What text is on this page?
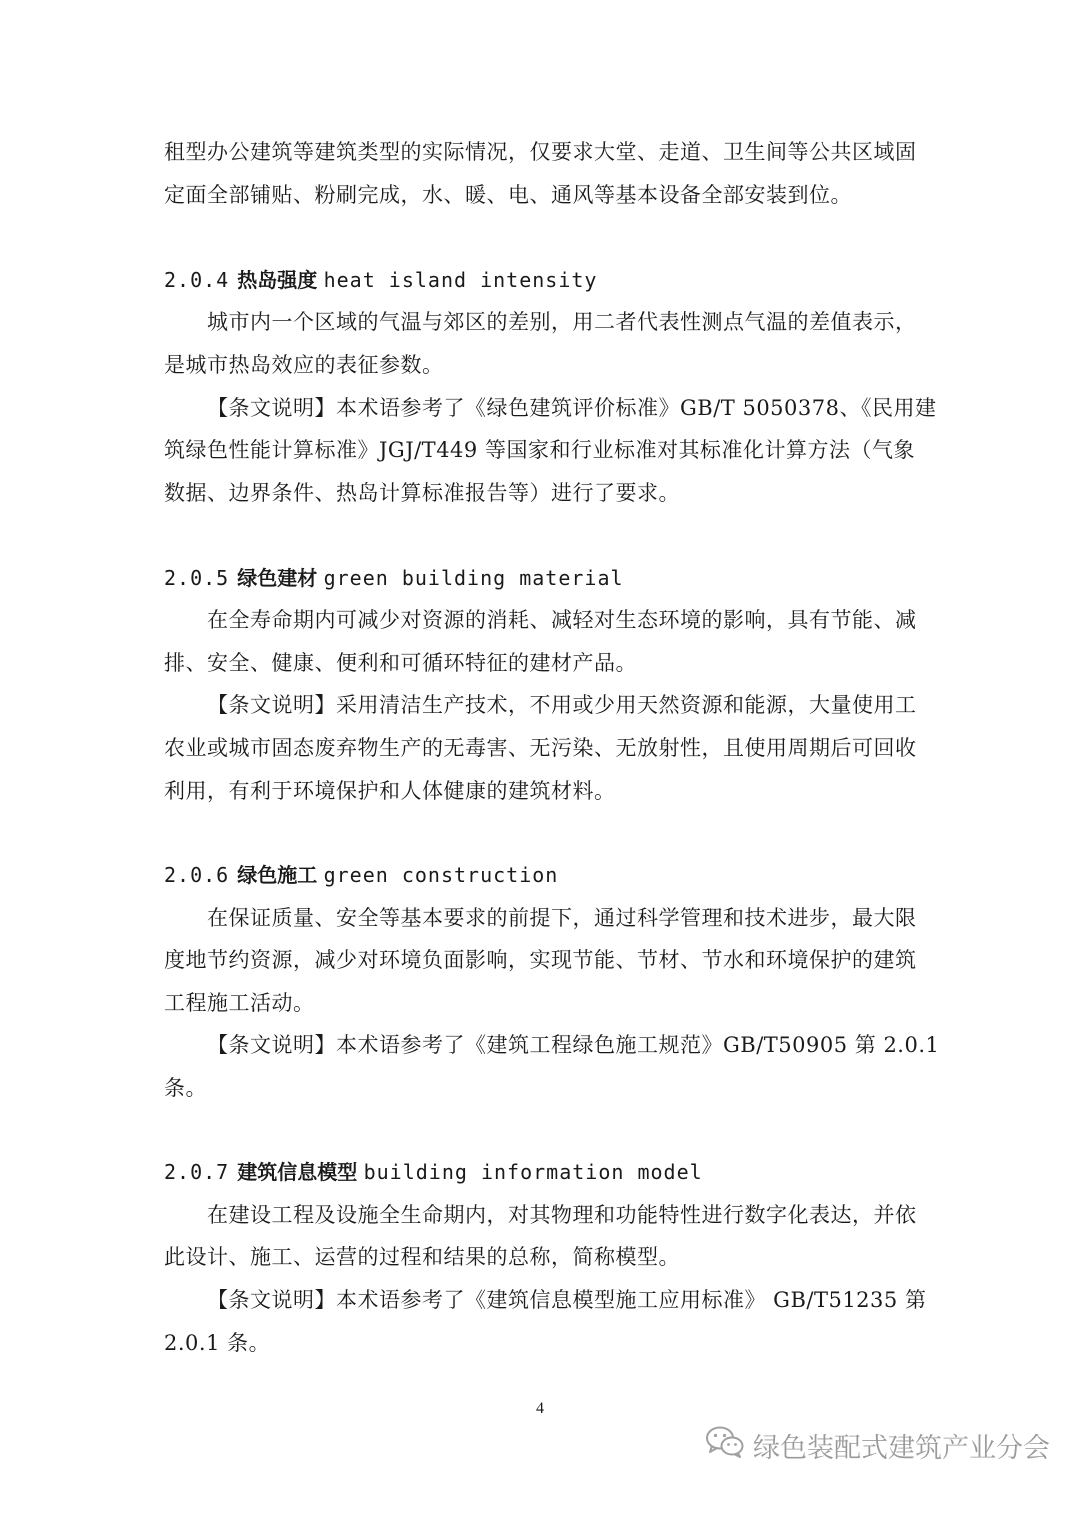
租型办公建筑等建筑类型的实际情况，仅要求大堂、走道、卫生间等公共区域固
定面全部铺贴、粉刷完成，水、暖、电、通风等基本设备全部安装到位。
2.0.4 热岛强度 heat island intensity
城市内一个区域的气温与郊区的差别，用二者代表性测点气温的差值表示，
是城市热岛效应的表征参数。
【条文说明】本术语参考了《绿色建筑评价标准》GB/T 5050378、《民用建
筑绿色性能计算标准》JGJ/T449 等国家和行业标准对其标准化计算方法（气象
数据、边界条件、热岛计算标准报告等）进行了要求。
2.0.5 绿色建材 green building material
在全寿命期内可减少对资源的消耗、减轻对生态环境的影响，具有节能、减
排、安全、健康、便利和可循环特征的建材产品。
【条文说明】采用清洁生产技术，不用或少用天然资源和能源，大量使用工
农业或城市固态废弃物生产的无毒害、无污染、无放射性，且使用周期后可回收
利用，有利于环境保护和人体健康的建筑材料。
2.0.6 绿色施工 green construction
在保证质量、安全等基本要求的前提下，通过科学管理和技术进步，最大限
度地节约资源，减少对环境负面影响，实现节能、节材、节水和环境保护的建筑
工程施工活动。
【条文说明】本术语参考了《建筑工程绿色施工规范》GB/T50905 第 2.0.1
条。
2.0.7 建筑信息模型 building information model
在建设工程及设施全生命期内，对其物理和功能特性进行数字化表达，并依
此设计、施工、运营的过程和结果的总称，简称模型。
【条文说明】本术语参考了《建筑信息模型施工应用标准》 GB/T51235 第
2.0.1 条。
4
绿色装配式建筑产业分会
